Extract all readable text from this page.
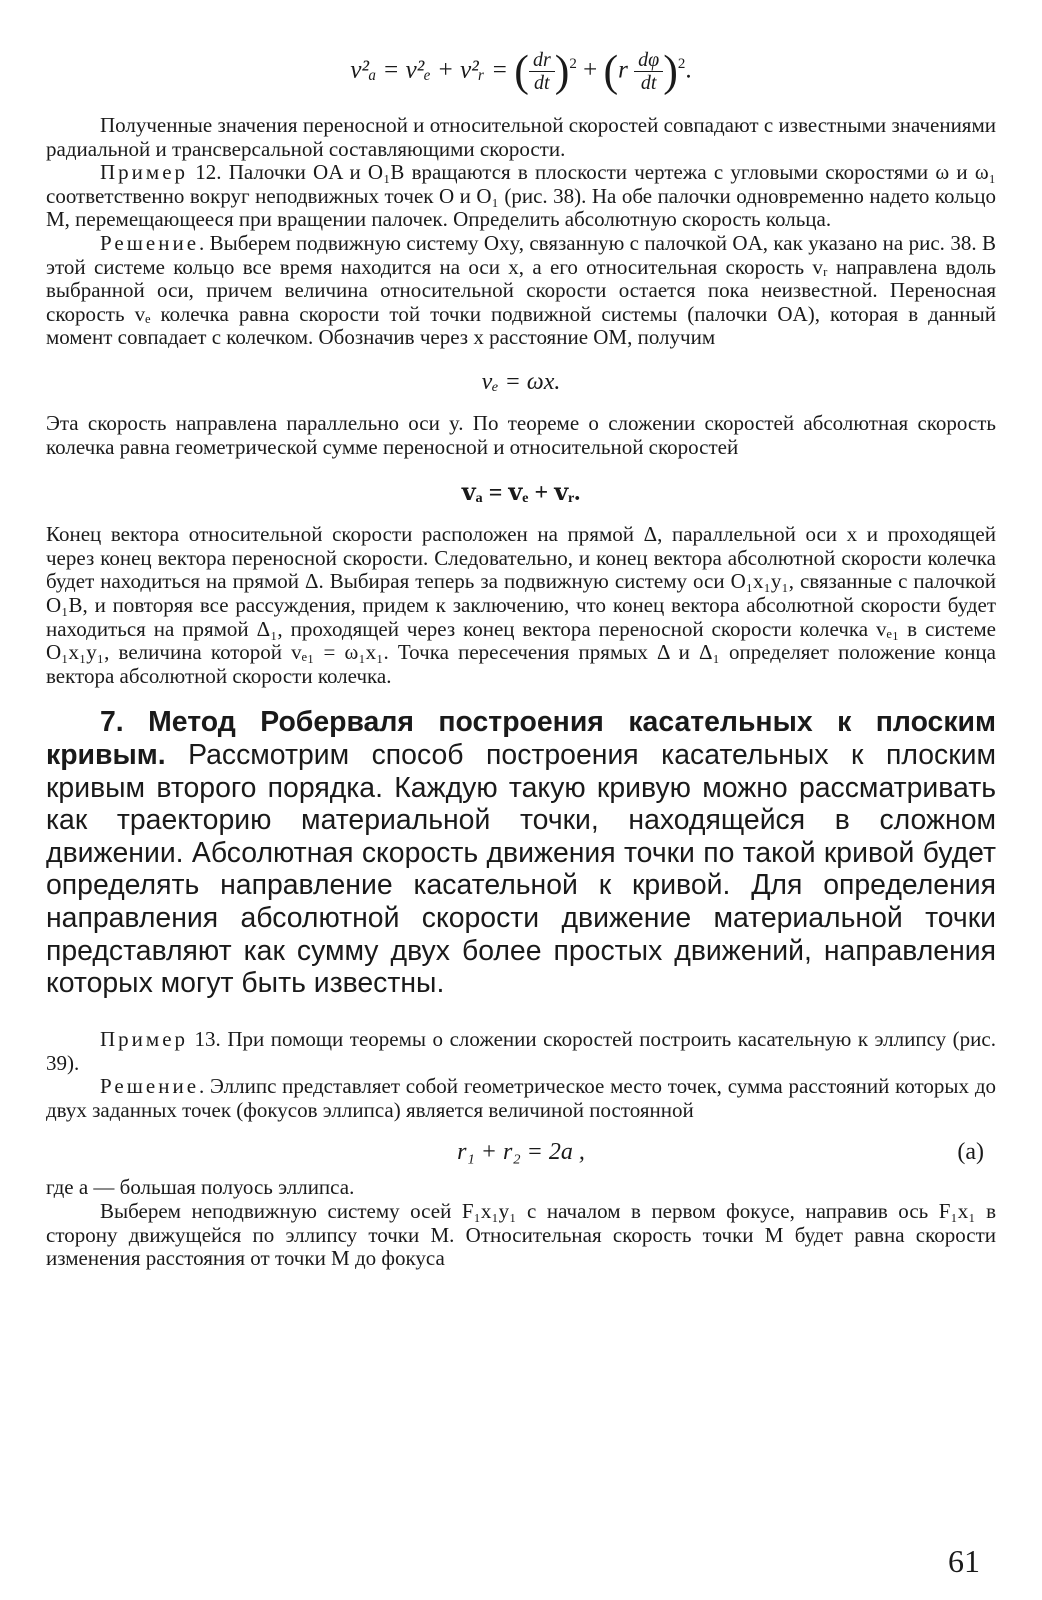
v²ₐ = v²ₑ + v²ᵣ = ( $\frac{dr}{dt} )^2 + (r \frac{d\varphi}{dt} )^2$.

Полученные значения переносной и относительной скоростей совпадают с известными значениями радиальной и трансверсальной составляющими скорости.

Пример 12. Палочки OA и O₁B вращаются в плоскости чертежа с угловыми скоростями ω и ω₁ соответственно вокруг неподвижных точек O и O₁ (рис. 38). На обе палочки одновременно надето кольцо M, перемещающееся при вращении палочек. Определить абсолютную скорость кольца.

Решение. Выберем подвижную систему Oxy, связанную с палочкой OA, как указано на рис. 38. В этой системе кольцо все время находится на оси x, а его относительная скорость vᵣ направлена вдоль выбранной оси, причем величина относительной скорости остается пока неизвестной. Переносная скорость vₑ колечка равна скорости той точки подвижной системы (палочки OA), которая в данный момент совпадает с колечком. Обозначив через x расстояние OM, получим

vₑ = ωx.

Эта скорость направлена параллельно оси y. По теореме о сложении скоростей абсолютная скорость колечка равна геометрической сумме переносной и относительной скоростей

𝐯ₐ = 𝐯ₑ + 𝐯ᵣ.

Конец вектора относительной скорости расположен на прямой Δ, параллельной оси x и проходящей через конец вектора переносной скорости. Следовательно, и конец вектора абсолютной скорости колечка будет находиться на прямой Δ. Выбирая теперь за подвижную систему оси O₁x₁y₁, связанные с палочкой O₁B, и повторяя все рассуждения, придем к заключению, что конец вектора абсолютной скорости будет находиться на прямой Δ₁, проходящей через конец вектора переносной скорости колечка vₑ₁ в системе O₁x₁y₁, величина которой vₑ₁ = ω₁x₁. Точка пересечения прямых Δ и Δ₁ определяет положение конца вектора абсолютной скорости колечка.

7. Метод Роберваля построения касательных к плоским кривым. Рассмотрим способ построения касательных к плоским кривым второго порядка. Каждую такую кривую можно рассматривать как траекторию материальной точки, находящейся в сложном движении. Абсолютная скорость движения точки по такой кривой будет определять направление касательной к кривой. Для определения направления абсолютной скорости движение материальной точки представляют как сумму двух более простых движений, направления которых могут быть известны.

Пример 13. При помощи теоремы о сложении скоростей построить касательную к эллипсу (рис. 39).

Решение. Эллипс представляет собой геометрическое место точек, сумма расстояний которых до двух заданных точек (фокусов эллипса) является величиной постоянной

r₁ + r₂ = 2a ,	(a)

где a — большая полуось эллипса.

Выберем неподвижную систему осей F₁x₁y₁ с началом в первом фокусе, направив ось F₁x₁ в сторону движущейся по эллипсу точки M. Относительная скорость точки M будет равна скорости изменения расстояния от точки M до фокуса

61
